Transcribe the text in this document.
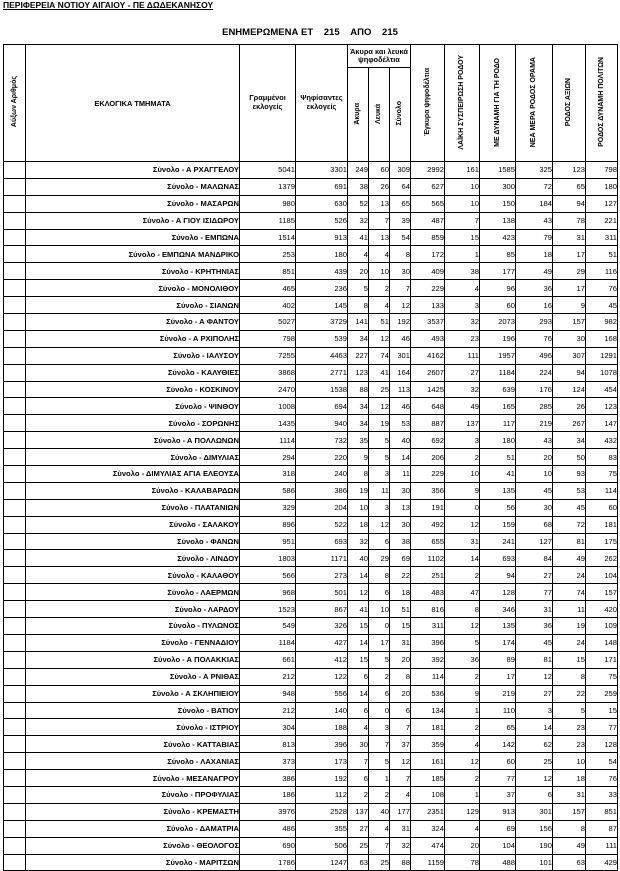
ΠΕΡΙΦΕΡΕΙΑ ΝΟΤΙΟΥ ΑΙΓΑΙΟΥ - ΠΕ ΔΩΔΕΚΑΝΗΣΟΥ
ΕΝΗΜΕΡΩΜΕΝΑ ΕΤ 215 ΑΠΟ 215
Αύξων Αριθμός	ΕΚΛΟΓΙΚΑ ΤΜΗΜΑΤΑ	Γραμμένοι εκλογείς	Ψηφίσαντες εκλογείς	Άκυρα και λευκά ψηφοδέλτια			Έγκυρα ψηφοδέλτια	ΛΑΪΚΗ ΣΥΣΠΕΙΡΩΣΗ ΡΟΔΟΥ	ΜΕ ΔΥΝΑΜΗ ΓΙΑ ΤΗ ΡΟΔΟ	ΝΕΑ ΜΕΡΑ ΡΟΔΟΣ ΟΡΑΜΑ	ΡΟΔΟΣ ΑΞΙΩΝ	ΡΟΔΟΣ ΔΥΝΑΜΗ ΠΟΛΙΤΩΝ
				Άκυρα	Λευκά	Σύνολο						
	Σύνολο - Α ΡΧΑΓΓΕΛΟΥ	5041	3301	249	60	309	2992	161	1585	325	123	798
	Σύνολο - ΜΑΛΩΝΑΣ	1379	691	38	26	64	627	10	300	72	65	180
	Σύνολο - ΜΑΣΑΡΩΝ	980	630	52	13	65	565	10	150	184	94	127
	Σύνολο - Α ΓΙΟΥ ΙΣΙΔΩΡΟΥ	1185	526	32	7	39	487	7	138	43	78	221
	Σύνολο - ΕΜΠΩΝΑ	1514	913	41	13	54	859	15	423	79	31	311
	Σύνολο - ΕΜΠΩΝΑ ΜΑΝΔΡΙΚΟ	253	180	4	4	8	172	1	85	18	17	51
	Σύνολο - ΚΡΗΤΗΝΙΑΣ	851	439	20	10	30	409	38	177	49	29	116
	Σύνολο - ΜΟΝΟΛΙΘΟΥ	465	236	5	2	7	229	4	96	36	17	76
	Σύνολο - ΣΙΑΝΩΝ	402	145	8	4	12	133	3	60	16	9	45
	Σύνολο - Α ΦΑΝΤΟΥ	5027	3729	141	51	192	3537	32	2073	293	157	982
	Σύνολο - Α ΡΧΙΠΟΛΗΣ	798	539	34	12	46	493	23	196	76	30	168
	Σύνολο - ΙΑΛΥΣΟΥ	7255	4463	227	74	301	4162	111	1957	496	307	1291
	Σύνολο - ΚΑΛΥΘΙΕΣ	3868	2771	123	41	164	2607	27	1184	224	94	1078
	Σύνολο - ΚΟΣΚΙΝΟΥ	2470	1538	88	25	113	1425	32	639	176	124	454
	Σύνολο - ΨΙΝΘΟΥ	1008	694	34	12	46	648	49	165	285	26	123
	Σύνολο - ΣΟΡΩΝΗΣ	1435	940	34	19	53	887	137	117	219	267	147
	Σύνολο - Α ΠΟΛΛΩΝΩΝ	1114	732	35	5	40	692	3	180	43	34	432
	Σύνολο - ΔΙΜΥΛΙΑΣ	294	220	9	5	14	206	2	51	20	50	83
	Σύνολο - ΔΙΜΥΛΙΑΣ ΑΓΙΑ ΕΛΕΟΥΣΑ	318	240	8	3	11	229	10	41	10	93	75
	Σύνολο - ΚΑΛΑΒΑΡΔΩΝ	586	386	19	11	30	356	9	135	45	53	114
	Σύνολο - ΠΛΑΤΑΝΙΩΝ	329	204	10	3	13	191	0	56	30	45	60
	Σύνολο - ΣΑΛΑΚΟΥ	896	522	18	12	30	492	12	159	68	72	181
	Σύνολο - ΦΑΝΩΝ	951	693	32	6	38	655	31	241	127	81	175
	Σύνολο - ΛΙΝΔΟΥ	1803	1171	40	29	69	1102	14	693	84	49	262
	Σύνολο - ΚΑΛΑΘΟΥ	566	273	14	8	22	251	2	94	27	24	104
	Σύνολο - ΛΑΕΡΜΩΝ	968	501	12	6	18	483	47	128	77	74	157
	Σύνολο - ΛΑΡΔΟΥ	1523	867	41	10	51	816	8	346	31	11	420
	Σύνολο - ΠΥΛΩΝΟΣ	549	326	15	0	15	311	12	135	36	19	109
	Σύνολο - ΓΕΝΝΑΔΙΟΥ	1184	427	14	17	31	396	5	174	45	24	148
	Σύνολο - Α ΠΟΛΑΚΚΙΑΣ	661	412	15	5	20	392	36	89	81	15	171
	Σύνολο - Α ΡΝΙΘΑΣ	212	122	6	2	8	114	2	17	12	8	75
	Σύνολο - Α ΣΚΛΗΠΙΕΙΟΥ	948	556	14	6	20	536	9	219	27	22	259
	Σύνολο - ΒΑΤΙΟΥ	212	140	6	0	6	134	1	110	3	5	15
	Σύνολο - ΙΣΤΡΙΟΥ	304	188	4	3	7	181	2	65	14	23	77
	Σύνολο - ΚΑΤΤΑΒΙΑΣ	813	396	30	7	37	359	4	142	62	23	128
	Σύνολο - ΛΑΧΑΝΙΑΣ	373	173	7	5	12	161	12	60	25	10	54
	Σύνολο - ΜΕΣΑΝΑΓΡΟΥ	386	192	6	1	7	185	2	77	12	18	76
	Σύνολο - ΠΡΟΦΥΛΙΑΣ	186	112	2	2	4	108	1	37	6	31	33
	Σύνολο - ΚΡΕΜΑΣΤΗ	3976	2528	137	40	177	2351	129	913	301	157	851
	Σύνολο - ΔΑΜΑΤΡΙΑ	486	355	27	4	31	324	4	69	156	8	87
	Σύνολο - ΘΕΟΛΟΓΟΣ	690	506	25	7	32	474	20	104	190	49	111
	Σύνολο - ΜΑΡΙΤΣΩΝ	1786	1247	63	25	88	1159	78	488	101	63	429
